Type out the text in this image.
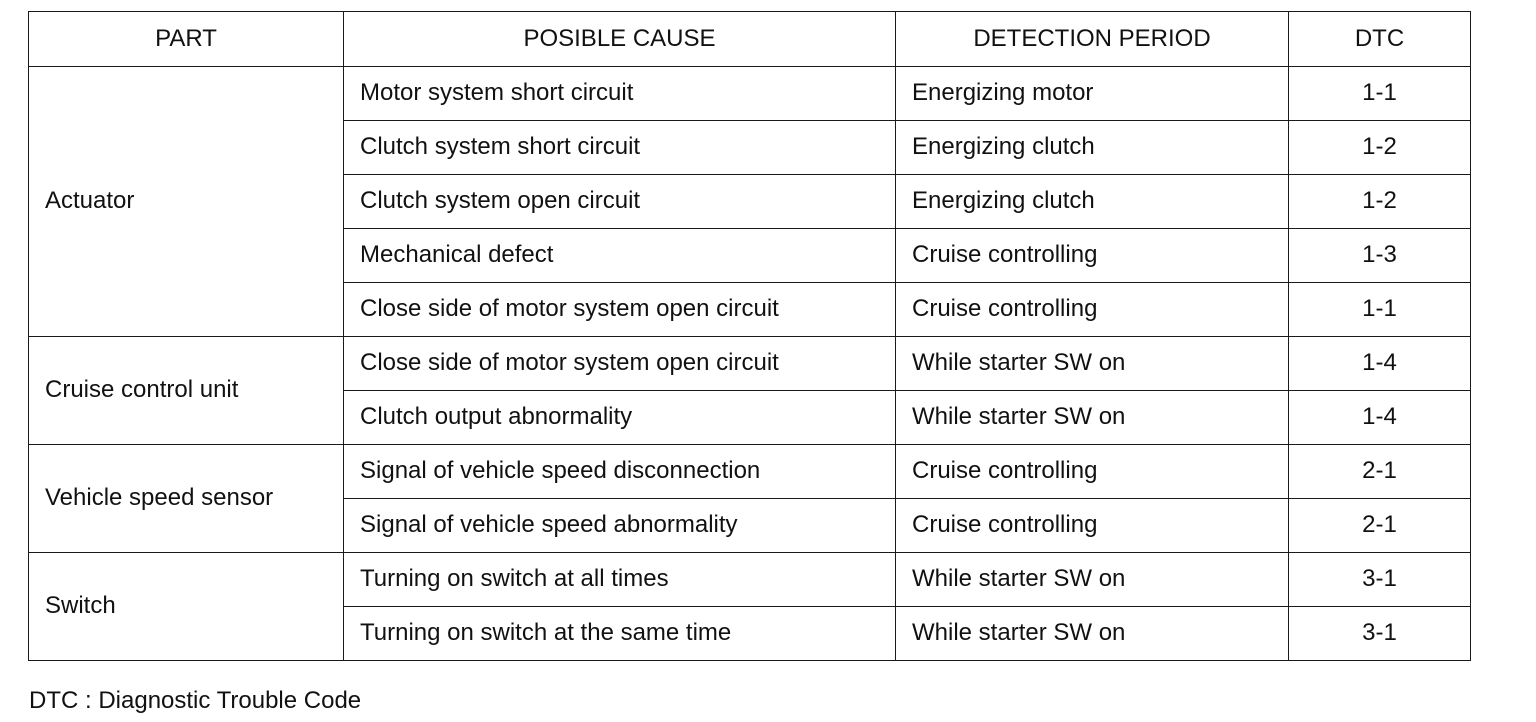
PART	POSIBLE CAUSE	DETECTION PERIOD	DTC
Actuator	Motor system short circuit	Energizing motor	1-1
	Clutch system short circuit	Energizing clutch	1-2
	Clutch system open circuit	Energizing clutch	1-2
	Mechanical defect	Cruise controlling	1-3
	Close side of motor system open circuit	Cruise controlling	1-1
Cruise control unit	Close side of motor system open circuit	While starter SW on	1-4
	Clutch output abnormality	While starter SW on	1-4
Vehicle speed sensor	Signal of vehicle speed disconnection	Cruise controlling	2-1
	Signal of vehicle speed abnormality	Cruise controlling	2-1
Switch	Turning on switch at all times	While starter SW on	3-1
	Turning on switch at the same time	While starter SW on	3-1
DTC : Diagnostic Trouble Code
